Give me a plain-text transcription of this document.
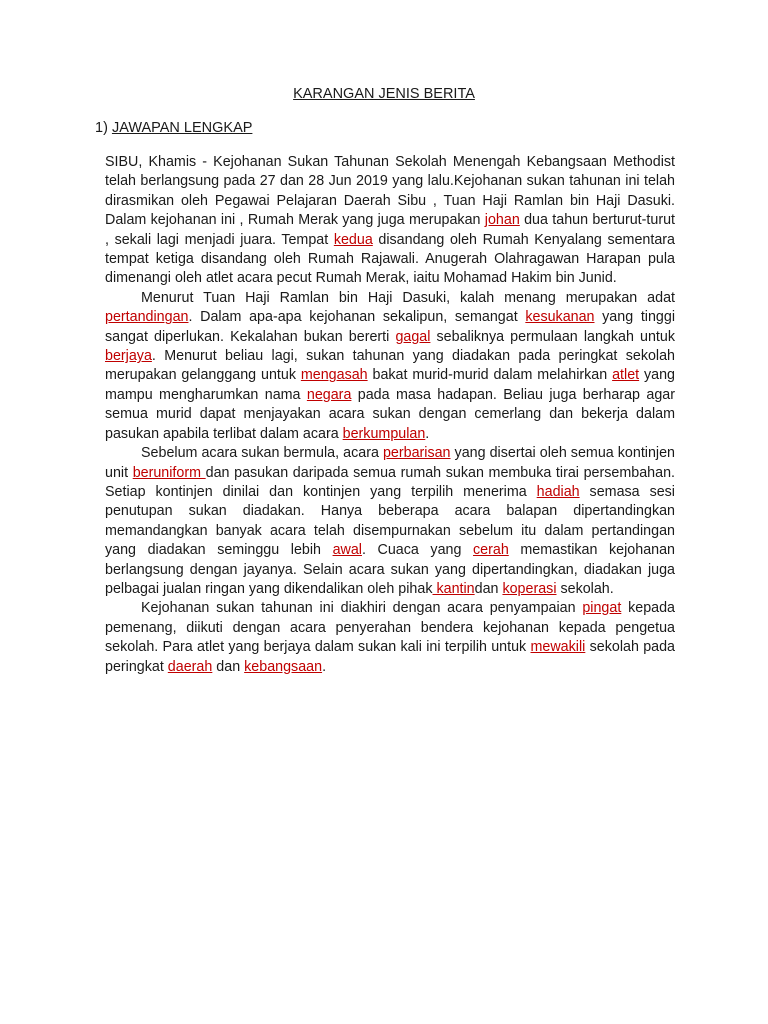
KARANGAN JENIS BERITA
1) JAWAPAN LENGKAP

SIBU, Khamis - Kejohanan Sukan Tahunan Sekolah Menengah Kebangsaan Methodist telah berlangsung pada 27 dan 28 Jun 2019 yang lalu.Kejohanan sukan tahunan ini telah dirasmikan oleh Pegawai Pelajaran Daerah Sibu , Tuan Haji Ramlan bin Haji Dasuki. Dalam kejohanan ini , Rumah Merak yang juga merupakan johan dua tahun berturut-turut , sekali lagi menjadi juara. Tempat kedua disandang oleh Rumah Kenyalang sementara tempat ketiga disandang oleh Rumah Rajawali. Anugerah Olahragawan Harapan pula dimenangi oleh atlet acara pecut Rumah Merak, iaitu Mohamad Hakim bin Junid.

Menurut Tuan Haji Ramlan bin Haji Dasuki, kalah menang merupakan adat pertandingan. Dalam apa-apa kejohanan sekalipun, semangat kesukanan yang tinggi sangat diperlukan. Kekalahan bukan bererti gagal sebaliknya permulaan langkah untuk berjaya. Menurut beliau lagi, sukan tahunan yang diadakan pada peringkat sekolah merupakan gelanggang untuk mengasah bakat murid-murid dalam melahirkan atlet yang mampu mengharumkan nama negara pada masa hadapan. Beliau juga berharap agar semua murid dapat menjayakan acara sukan dengan cemerlang dan bekerja dalam pasukan apabila terlibat dalam acara berkumpulan.

Sebelum acara sukan bermula, acara perbarisan yang disertai oleh semua kontinjen unit beruniform dan pasukan daripada semua rumah sukan membuka tirai persembahan. Setiap kontinjen dinilai dan kontinjen yang terpilih menerima hadiah semasa sesi penutupan sukan diadakan. Hanya beberapa acara balapan dipertandingkan memandangkan banyak acara telah disempurnakan sebelum itu dalam pertandingan yang diadakan seminggu lebih awal. Cuaca yang cerah memastikan kejohanan berlangsung dengan jayanya. Selain acara sukan yang dipertandingkan, diadakan juga pelbagai jualan ringan yang dikendalikan oleh pihak kantindan koperasi sekolah.

Kejohanan sukan tahunan ini diakhiri dengan acara penyampaian pingat kepada pemenang, diikuti dengan acara penyerahan bendera kejohanan kepada pengetua sekolah. Para atlet yang berjaya dalam sukan kali ini terpilih untuk mewakili sekolah pada peringkat daerah dan kebangsaan.
